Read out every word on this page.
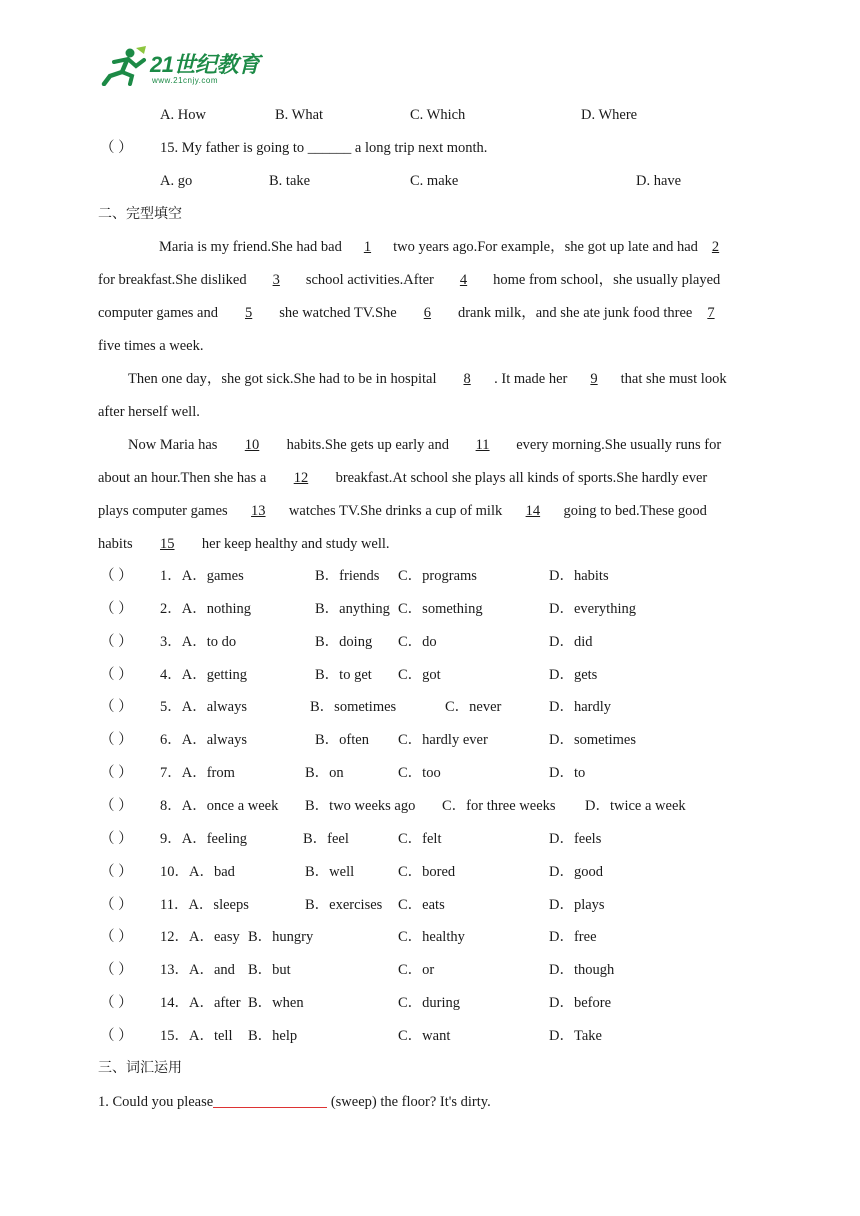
21世纪教育
www.21cnjy.com
A. How	B. What	C. Which	D. Where
（ ） 15. My father is going to ______ a long trip next month.
A. go	B. take	C. make	D. have
二、完型填空
Maria is my friend.She had bad 1 two years ago.For example，she got up late and had 2
for breakfast.She disliked 3 school activities.After 4 home from school，she usually played
computer games and 5 she watched TV.She 6 drank milk，and she ate junk food three 7
five times a week.
Then one day，she got sick.She had to be in hospital 8 . It made her 9 that she must look
after herself well.
Now Maria has 10 habits.She gets up early and 11 every morning.She usually runs for
about an hour.Then she has a 12 breakfast.At school she plays all kinds of sports.She hardly ever
plays computer games 13 watches TV.She drinks a cup of milk 14 going to bed.These good
habits 15 her keep healthy and study well.
（ ） 1．A．games	B．friends C．programs	D．habits
（ ） 2．A．nothing	B．anything C．something	D．everything
（ ） 3．A．to do	B．doing C．do	D．did
（ ） 4．A．getting	B．to get C．got	D．gets
（ ） 5．A．always	B．sometimes	C．never	D．hardly
（ ） 6．A．always	B．often C．hardly ever	D．sometimes
（ ） 7．A．from	B．on	C．too	D．to
（ ） 8．A．once a week B．two weeks ago C．for three weeks D．twice a week
（ ） 9．A．feeling	B．feel	C．felt	D．feels
（ ） 10．A．bad	B．well	C．bored	D．good
（ ） 11．A．sleeps	B．exercises C．eats	D．plays
（ ） 12．A．easy B．hungry	C．healthy	D．free
（ ） 13．A．and B．but	C．or	D．though
（ ） 14．A．after B．when	C．during	D．before
（ ） 15．A．tell B．help	C．want	D．Take
三、词汇运用
1. Could you please	(sweep) the floor? It's dirty.
